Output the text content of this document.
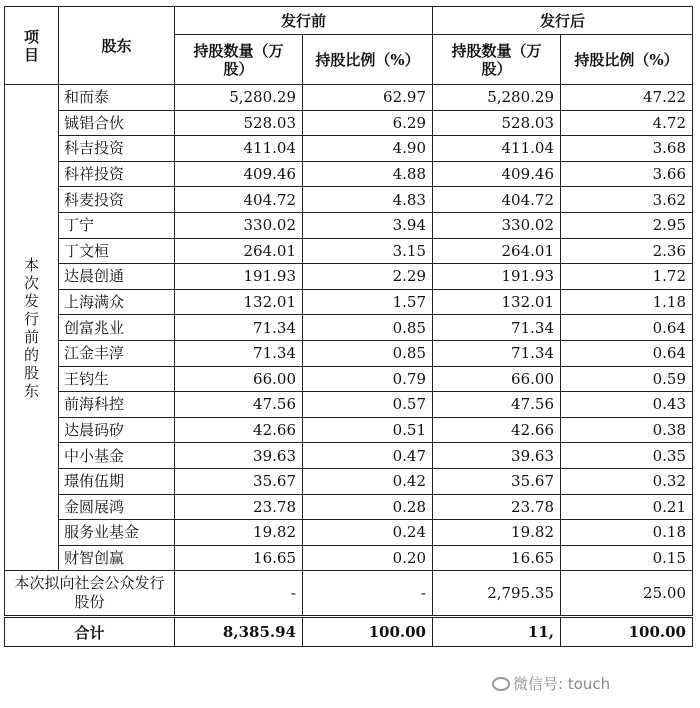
项目	股东	发行前		发行后	
		持股数量（万股）	持股比例（%）	持股数量（万股）	持股比例（%）

本次发行前的股东	和而泰	5,280.29	62.97	5,280.29	47.22
	铖锠合伙	528.03	6.29	528.03	4.72
	科吉投资	411.04	4.90	411.04	3.68
	科祥投资	409.46	4.88	409.46	3.66
	科麦投资	404.72	4.83	404.72	3.62
	丁宁	330.02	3.94	330.02	2.95
	丁文桓	264.01	3.15	264.01	2.36
	达晨创通	191.93	2.29	191.93	1.72
	上海满众	132.01	1.57	132.01	1.18
	创富兆业	71.34	0.85	71.34	0.64
	江金丰淳	71.34	0.85	71.34	0.64
	王钧生	66.00	0.79	66.00	0.59
	前海科控	47.56	0.57	47.56	0.43
	达晨码矽	42.66	0.51	42.66	0.38
	中小基金	39.63	0.47	39.63	0.35
	璟侑伍期	35.67	0.42	35.67	0.32
	金圆展鸿	23.78	0.28	23.78	0.21
	服务业基金	19.82	0.24	19.82	0.18
	财智创赢	16.65	0.20	16.65	0.15
本次拟向社会公众发行股份		-	-	2,795.35	25.00
合计		8,385.94	100.00	11,	100.00
微信号: touch
